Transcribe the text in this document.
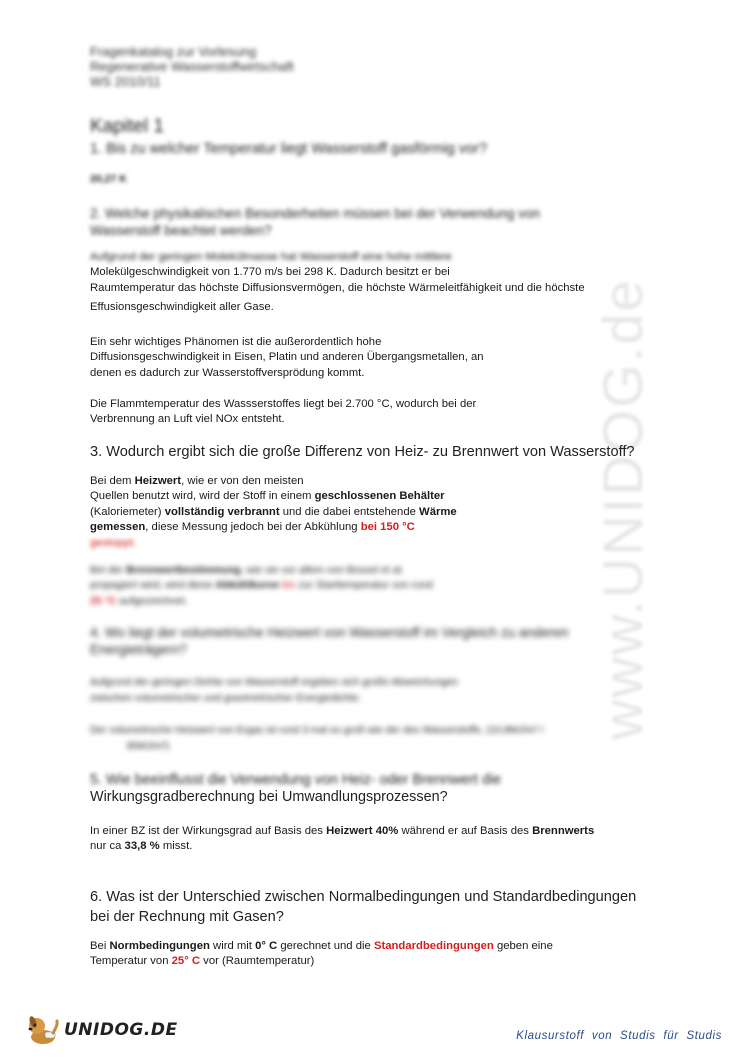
www.UNIDOG.de
Fragenkatalog zur Vorlesung
Regenerative Wasserstoffwirtschaft
WS 2010/11
Kapitel 1
1. Bis zu welcher Temperatur liegt Wasserstoff gasförmig vor?
20,27 K
2. Welche physikalischen Besonderheiten müssen bei der Verwendung von
Wasserstoff beachtet werden?
Aufgrund der geringen Molekülmasse hat Wasserstoff eine hohe mittlere
Molekülgeschwindigkeit von 1.770 m/s bei 298 K. Dadurch besitzt er bei
Raumtemperatur das höchste Diffusionsvermögen, die höchste Wärmeleitfähigkeit und die höchste
Effusionsgeschwindigkeit aller Gase.
Ein sehr wichtiges Phänomen ist die außerordentlich hohe
Diffusionsgeschwindigkeit in Eisen, Platin und anderen Übergangsmetallen, an
denen es dadurch zur Wasserstoffversprödung kommt.
Die Flammtemperatur des Wassserstoffes liegt bei 2.700 °C, wodurch bei der
Verbrennung an Luft viel NOx entsteht.
3. Wodurch ergibt sich die große Differenz von Heiz- zu Brennwert von Wasserstoff?
Bei dem Heizwert, wie er von den meisten
Quellen benutzt wird, wird der Stoff in einem geschlossenen Behälter
(Kaloriemeter) vollständig verbrannt und die dabei entstehende Wärme
gemessen, diese Messung jedoch bei der Abkühlung bei 150 °C
gestoppt.
Bei der Brennwertbestimmung, wie sie vor allem von Bossel et al.
propagiert wird, wird diese Abkühlkurve bis zur Starttemperatur von rund
25 °C aufgezeichnet.
4. Wo liegt der volumetrische Heizwert von Wasserstoff im Vergleich zu anderen
Energieträgern?
Aufgrund der geringen Dichte von Wasserstoff ergeben sich große Abweichungen
zwischen volumetrischer und gravimetrischer Energiedichte.
Der volumetrische Heizwert von Ergas ist rund 3 mal so groß wie der des Wasserstoffs. (10,8MJ/m³ /
35MJ/m³)
5. Wie beeinflusst die Verwendung von Heiz- oder Brennwert die
Wirkungsgradberechnung bei Umwandlungsprozessen?
In einer BZ ist der Wirkungsgrad auf Basis des Heizwert 40% während er auf Basis des Brennwerts
nur ca 33,8 % misst.
6. Was ist der Unterschied zwischen Normalbedingungen und Standardbedingungen
bei der Rechnung mit Gasen?
Bei Normbedingungen wird mit 0° C gerechnet und die Standardbedingungen geben eine
Temperatur von 25° C vor (Raumtemperatur)
UNIDOG.DE	Klausurstoff von Studis für Studis
